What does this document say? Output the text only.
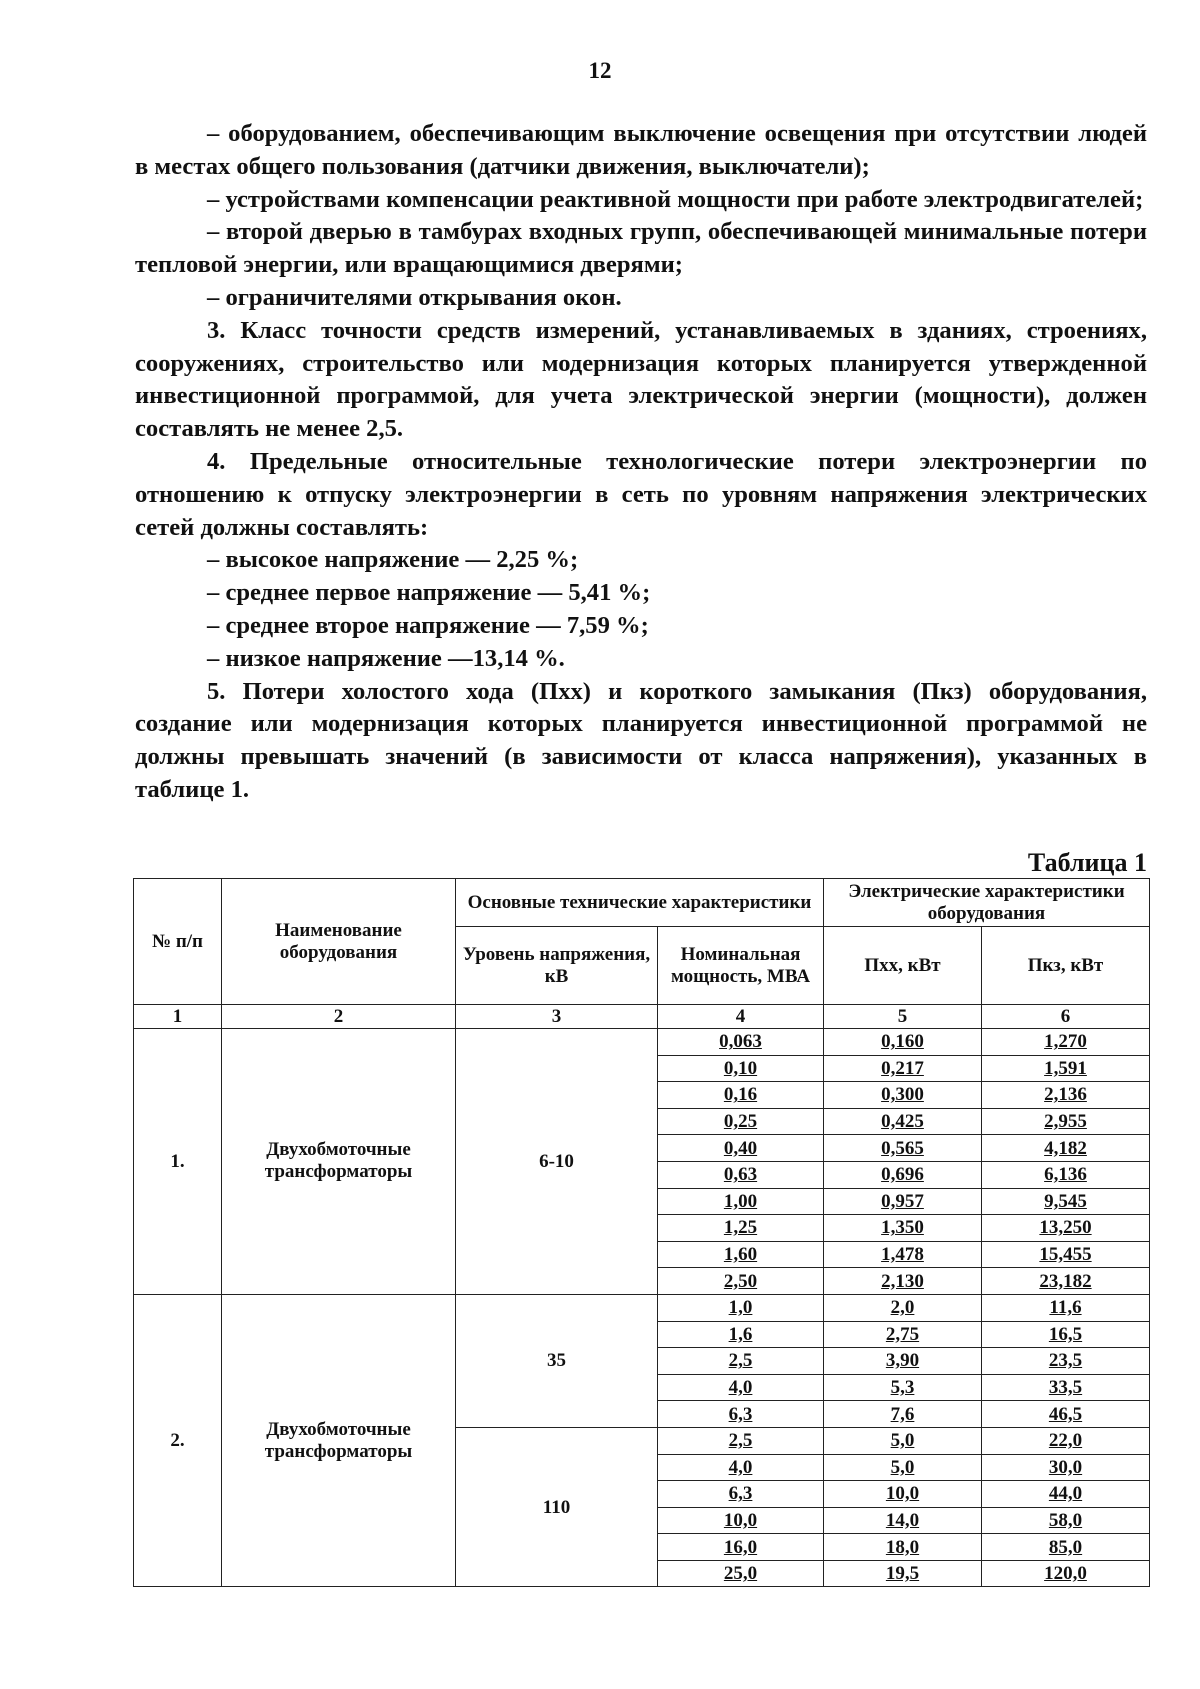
12

– оборудованием, обеспечивающим выключение освещения при отсутствии людей в местах общего пользования (датчики движения, выключатели);

– устройствами компенсации реактивной мощности при работе электродвигателей;

– второй дверью в тамбурах входных групп, обеспечивающей минимальные потери тепловой энергии, или вращающимися дверями;

– ограничителями открывания окон.

3. Класс точности средств измерений, устанавливаемых в зданиях, строениях, сооружениях, строительство или модернизация которых планируется утвержденной инвестиционной программой, для учета электрической энергии (мощности), должен составлять не менее 2,5.

4. Предельные относительные технологические потери электроэнергии по отношению к отпуску электроэнергии в сеть по уровням напряжения электрических сетей должны составлять:

– высокое напряжение — 2,25 %;

– среднее первое напряжение — 5,41 %;

– среднее второе напряжение — 7,59 %;

– низкое напряжение —13,14 %.

5. Потери холостого хода (Пxx) и короткого замыкания (Пкз) оборудования, создание или модернизация которых планируется инвестиционной программой не должны превышать значений (в зависимости от класса напряжения), указанных в таблице 1.

Таблица 1
№ п/п	Наименование оборудования	Основные технические характеристики		Электрические характеристики оборудования	
		Уровень напряжения, кВ	Номинальная мощность, МВА	Пxx, кВт	Пкз, кВт
1	2	3	4	5	6
1.	Двухобмоточные трансформаторы	6-10	0,063	0,160	1,270
			0,10	0,217	1,591
			0,16	0,300	2,136
			0,25	0,425	2,955
			0,40	0,565	4,182
			0,63	0,696	6,136
			1,00	0,957	9,545
			1,25	1,350	13,250
			1,60	1,478	15,455
			2,50	2,130	23,182
2.	Двухобмоточные трансформаторы	35	1,0	2,0	11,6
			1,6	2,75	16,5
			2,5	3,90	23,5
			4,0	5,3	33,5
			6,3	7,6	46,5
		110	2,5	5,0	22,0
			4,0	5,0	30,0
			6,3	10,0	44,0
			10,0	14,0	58,0
			16,0	18,0	85,0
			25,0	19,5	120,0
